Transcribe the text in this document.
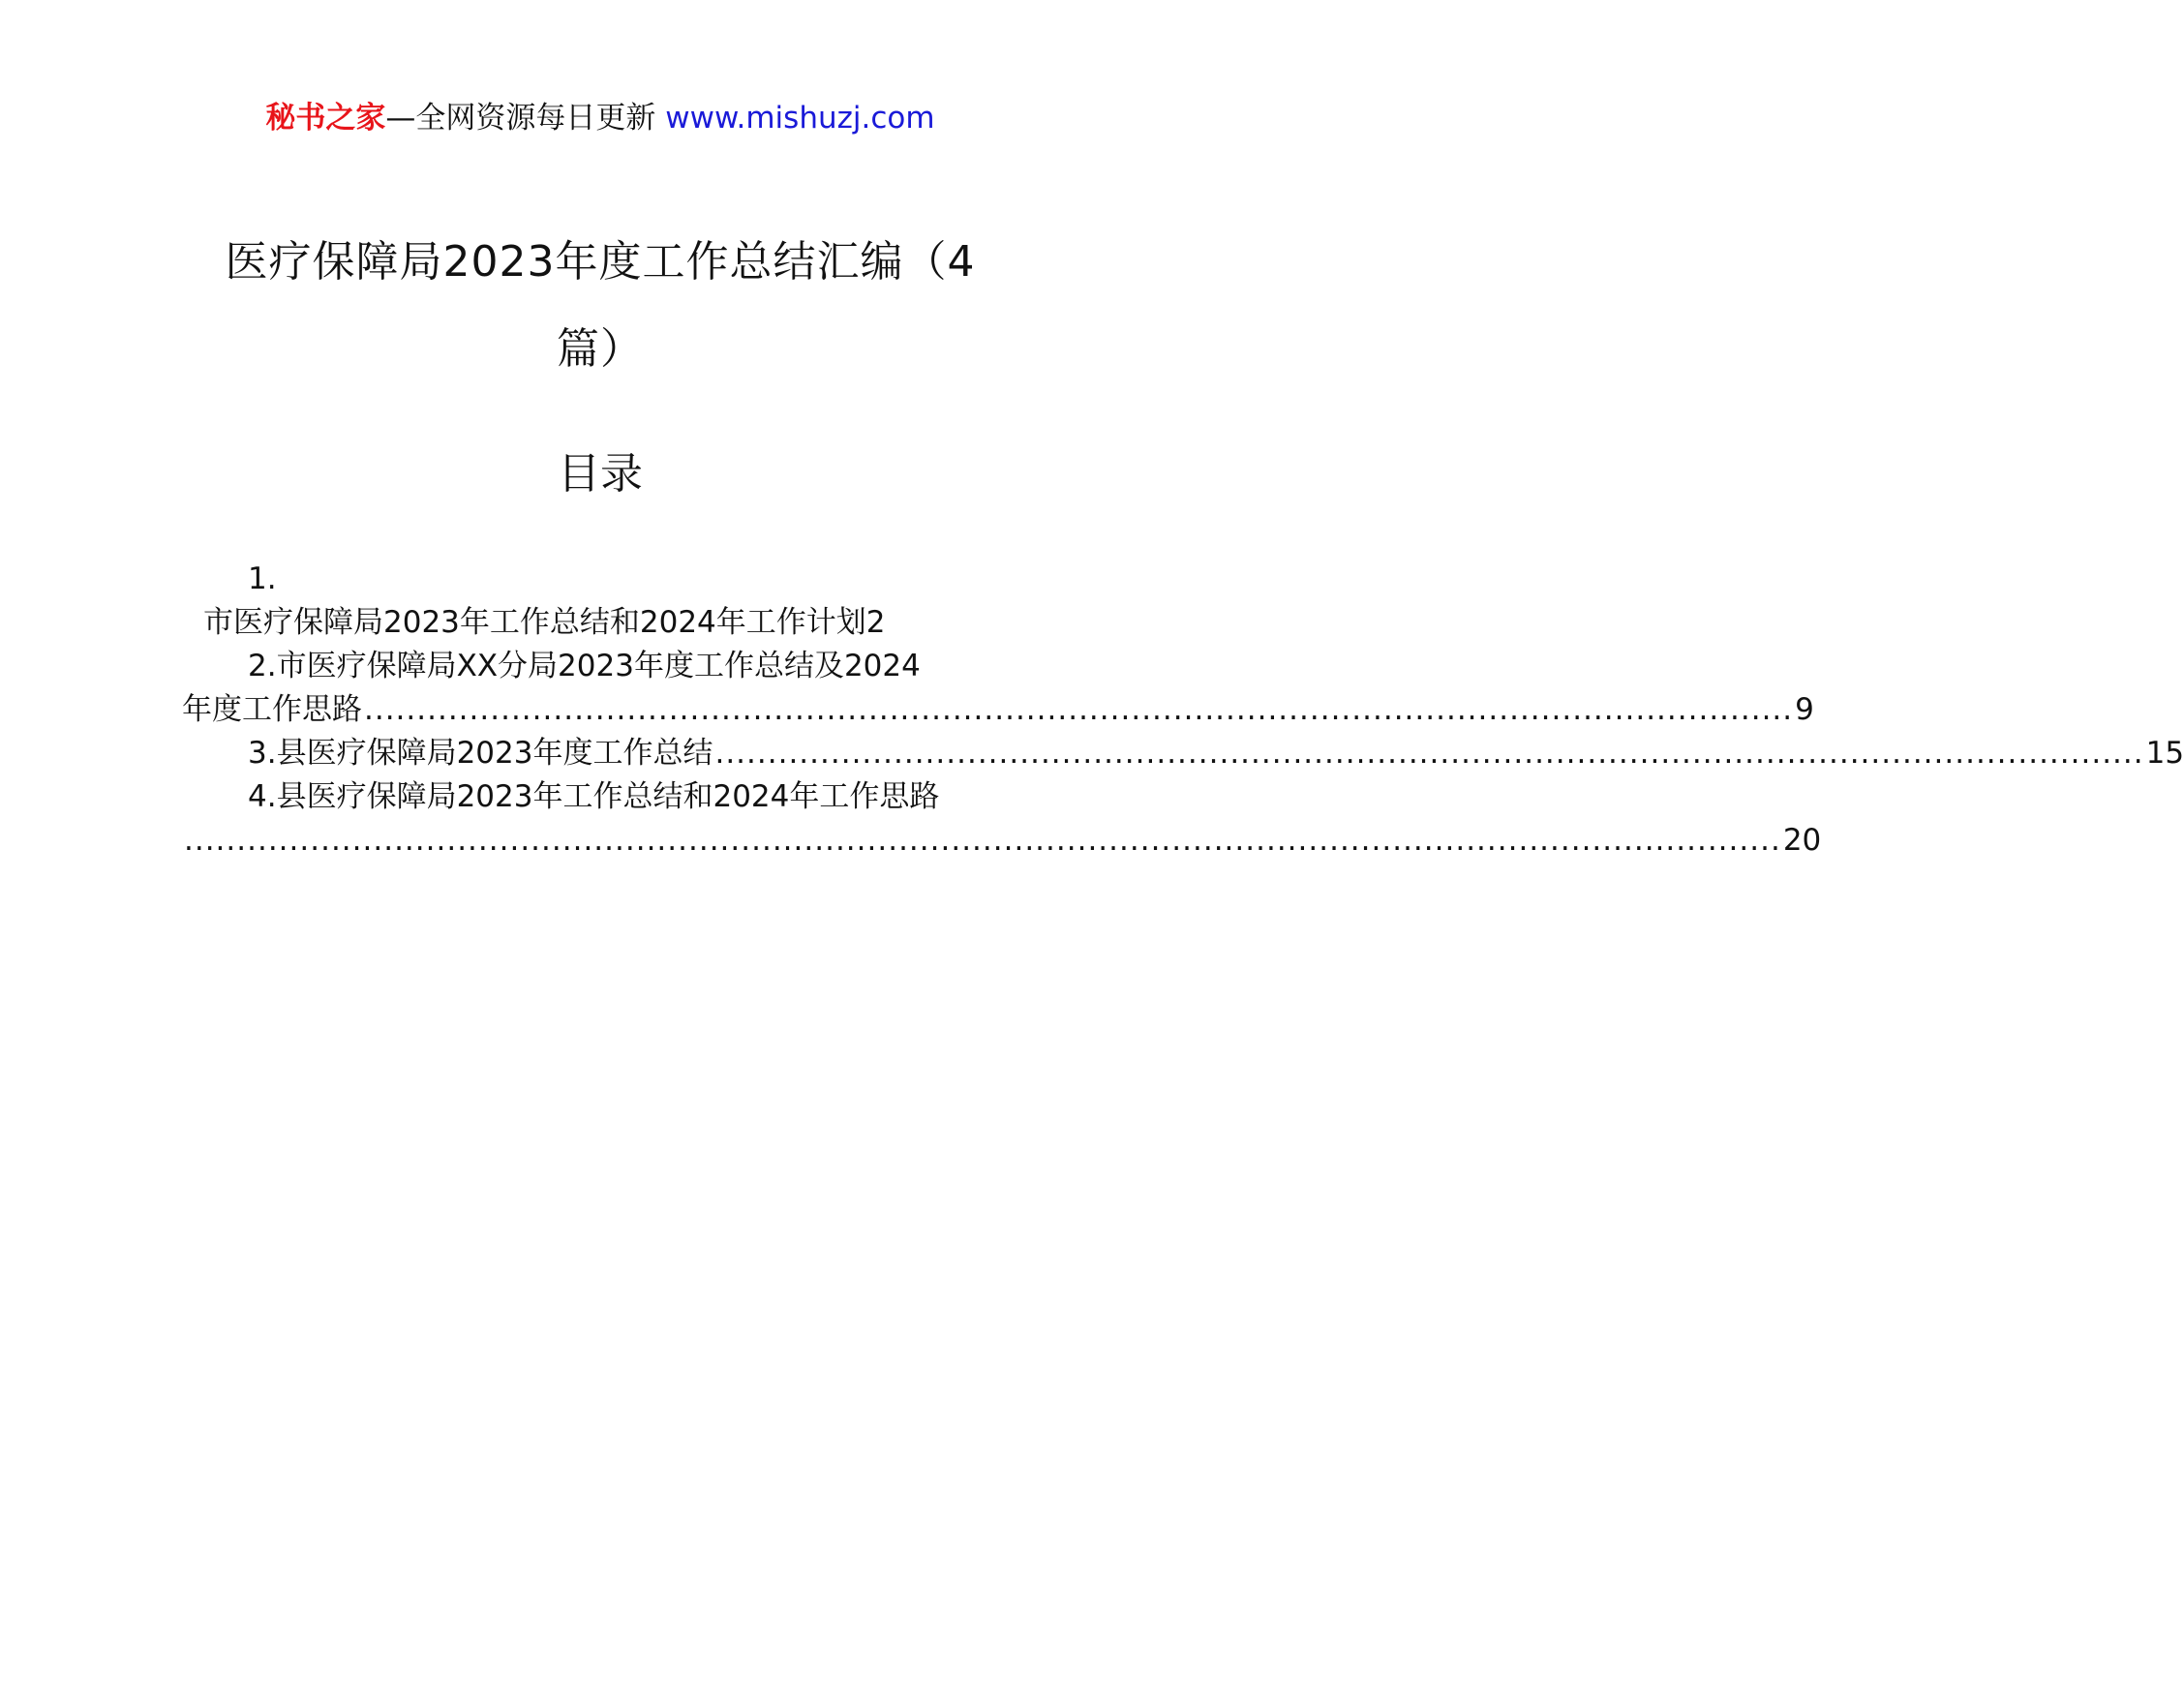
秘书之家—全网资源每日更新 www.mishuzj.com
医疗保障局2023年度工作总结汇编（4
篇）
目录
1.
市医疗保障局2023年工作总结和2024年工作计划 2
2.市医疗保障局XX分局2023年度工作总结及2024
年度工作思路 ........................................................................................................................................ 9
3.县医疗保障局2023年度工作总结 ........................................................................................................................................ 15
4.县医疗保障局2023年工作总结和2024年工作思路
........................................................................................................................................................ 20
